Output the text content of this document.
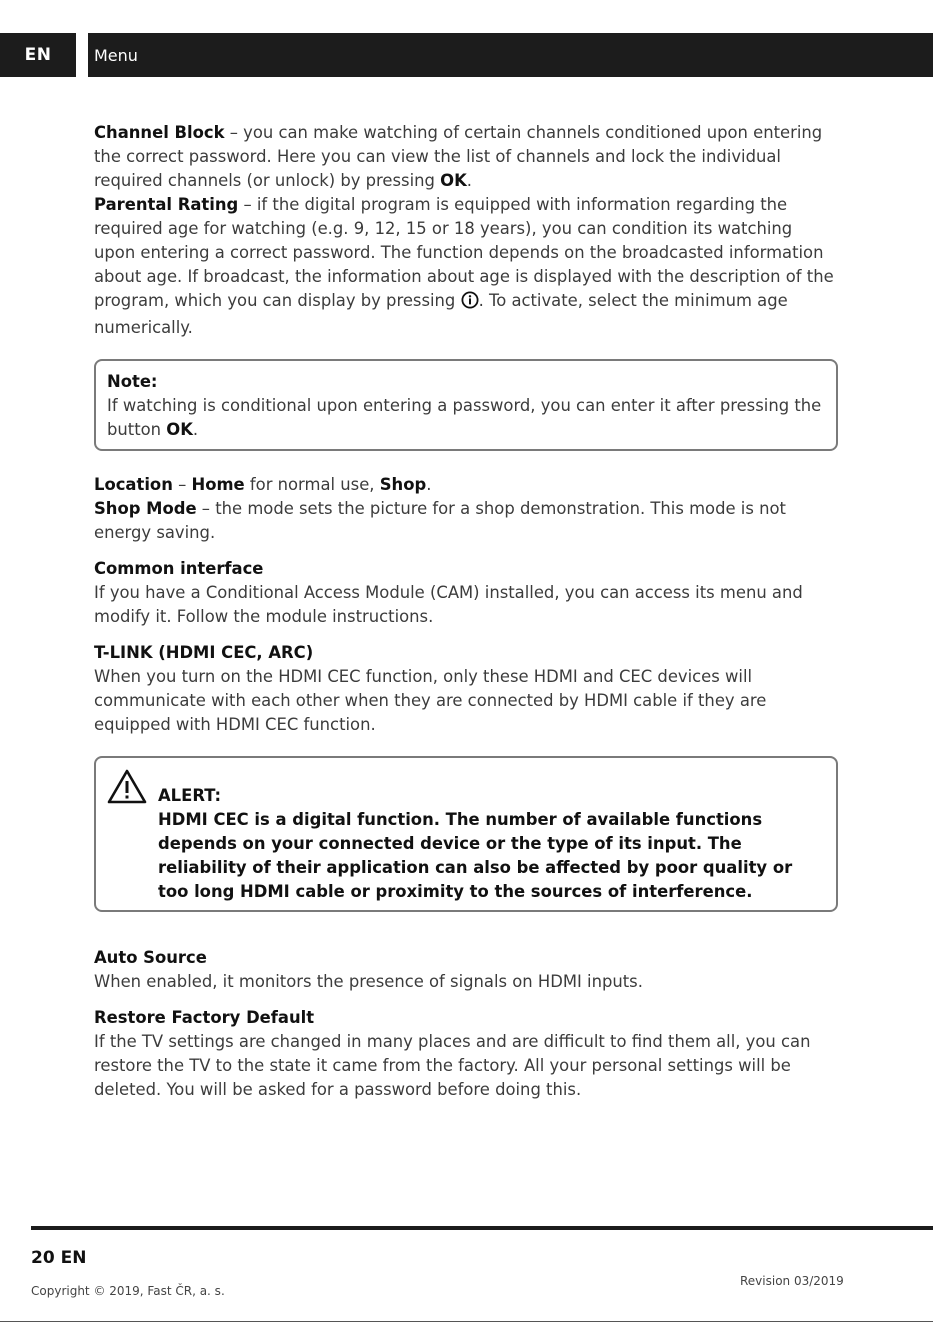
EN	Menu

Channel Block – you can make watching of certain channels conditioned upon entering the correct password. Here you can view the list of channels and lock the individual required channels (or unlock) by pressing OK.

Parental Rating – if the digital program is equipped with information regarding the required age for watching (e.g. 9, 12, 15 or 18 years), you can condition its watching upon entering a correct password. The function depends on the broadcasted information about age. If broadcast, the information about age is displayed with the description of the program, which you can display by pressing . To activate, select the minimum age numerically.

Note:

If watching is conditional upon entering a password, you can enter it after pressing the button OK.

Location – Home for normal use, Shop.

Shop Mode – the mode sets the picture for a shop demonstration. This mode is not energy saving.

Common interface

If you have a Conditional Access Module (CAM) installed, you can access its menu and modify it. Follow the module instructions.

T-LINK (HDMI CEC, ARC)

When you turn on the HDMI CEC function, only these HDMI and CEC devices will communicate with each other when they are connected by HDMI cable if they are equipped with HDMI CEC function.

ALERT:
HDMI CEC is a digital function. The number of available functions depends on your connected device or the type of its input. The reliability of their application can also be affected by poor quality or too long HDMI cable or proximity to the sources of interference.

Auto Source

When enabled, it monitors the presence of signals on HDMI inputs.

Restore Factory Default

If the TV settings are changed in many places and are difficult to find them all, you can restore the TV to the state it came from the factory. All your personal settings will be deleted. You will be asked for a password before doing this.

20 EN
Copyright © 2019, Fast ČR, a. s.
Revision 03/2019
